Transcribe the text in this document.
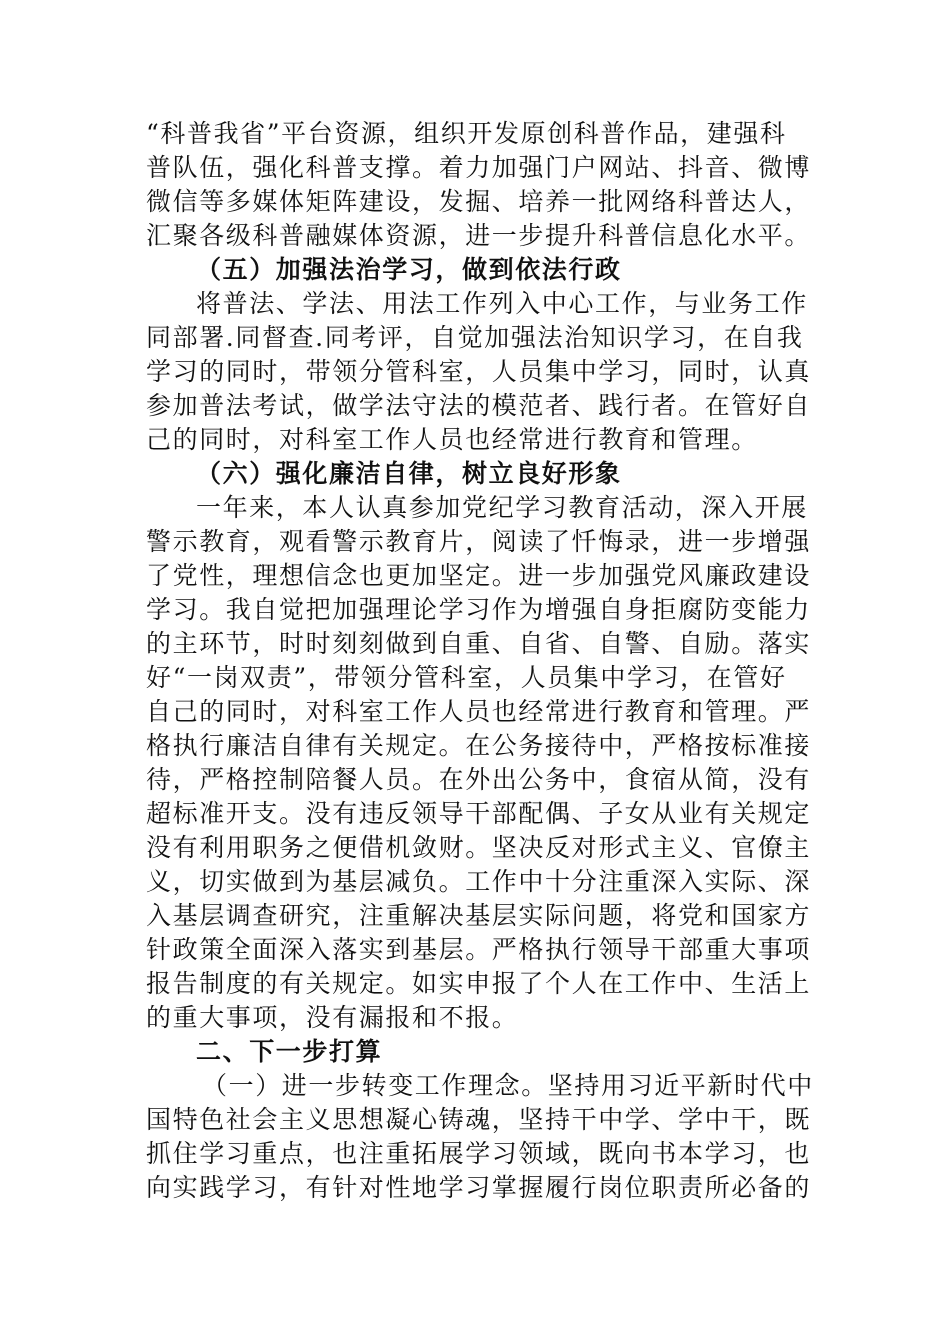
“科普我省”平台资源，组织开发原创科普作品，建强科
普队伍，强化科普支撑。着力加强门户网站、抖音、微博
微信等多媒体矩阵建设，发掘、培养一批网络科普达人，
汇聚各级科普融媒体资源，进一步提升科普信息化水平。
（五）加强法治学习，做到依法行政
将普法、学法、用法工作列入中心工作，与业务工作
同部署.同督查.同考评，自觉加强法治知识学习，在自我
学习的同时，带领分管科室，人员集中学习，同时，认真
参加普法考试，做学法守法的模范者、践行者。在管好自
己的同时，对科室工作人员也经常进行教育和管理。
（六）强化廉洁自律，树立良好形象
一年来，本人认真参加党纪学习教育活动，深入开展
警示教育，观看警示教育片，阅读了忏悔录，进一步增强
了党性，理想信念也更加坚定。进一步加强党风廉政建设
学习。我自觉把加强理论学习作为增强自身拒腐防变能力
的主环节，时时刻刻做到自重、自省、自警、自励。落实
好“一岗双责”，带领分管科室，人员集中学习，在管好
自己的同时，对科室工作人员也经常进行教育和管理。严
格执行廉洁自律有关规定。在公务接待中，严格按标准接
待，严格控制陪餐人员。在外出公务中，食宿从简，没有
超标准开支。没有违反领导干部配偶、子女从业有关规定
没有利用职务之便借机敛财。坚决反对形式主义、官僚主
义，切实做到为基层减负。工作中十分注重深入实际、深
入基层调查研究，注重解决基层实际问题，将党和国家方
针政策全面深入落实到基层。严格执行领导干部重大事项
报告制度的有关规定。如实申报了个人在工作中、生活上
的重大事项，没有漏报和不报。
二、下一步打算
（一）进一步转变工作理念。坚持用习近平新时代中
国特色社会主义思想凝心铸魂，坚持干中学、学中干，既
抓住学习重点，也注重拓展学习领域，既向书本学习，也
向实践学习，有针对性地学习掌握履行岗位职责所必备的
